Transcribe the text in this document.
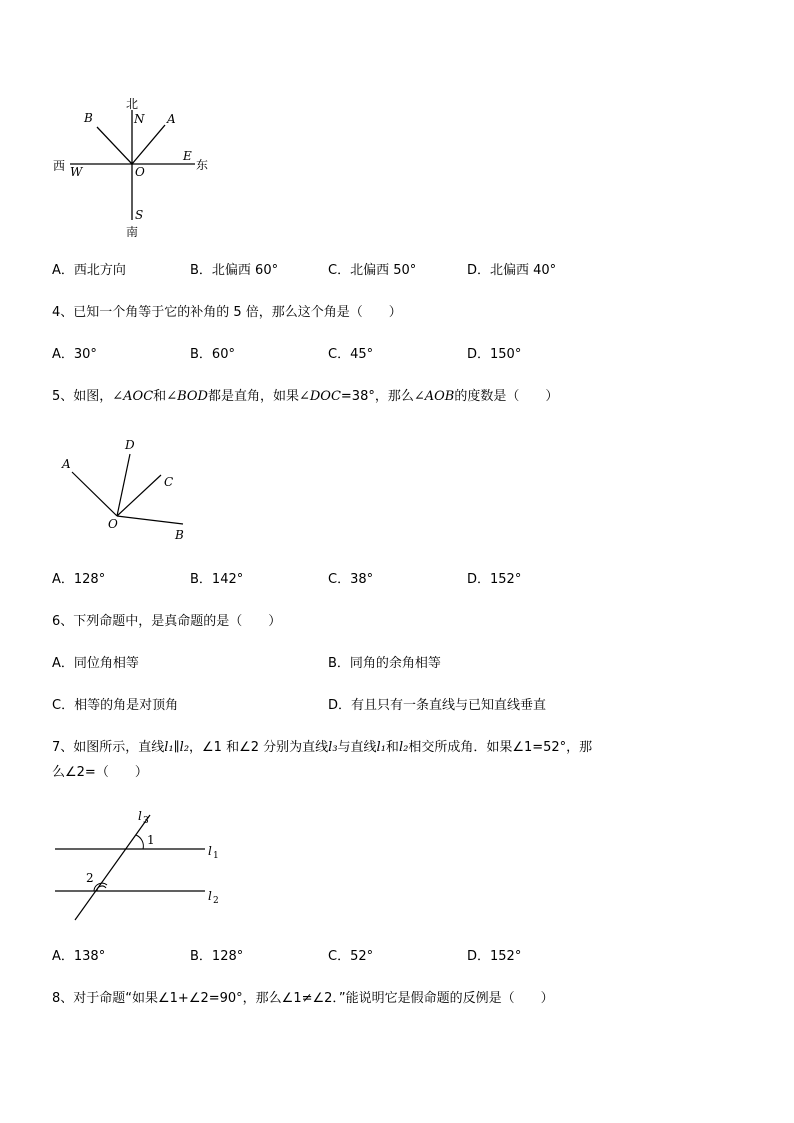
北
N A
B
西 W	O
E
东
S
南
A．西北方向	B．北偏西 60°	C．北偏西 50°	D．北偏西 40°
4、已知一个角等于它的补角的 5 倍，那么这个角是（　　）
A．30°	B．60°	C．45°	D．150°
5、如图，∠AOC和∠BOD都是直角，如果∠DOC=38°，那么∠AOB的度数是（　　）
A
D
C
O
B
A．128°	B．142°	C．38°	D．152°
6、下列命题中，是真命题的是（　　）
A．同位角相等	B．同角的余角相等
C．相等的角是对顶角	D．有且只有一条直线与已知直线垂直
7、如图所示，直线l₁∥l₂，∠1 和∠2 分别为直线l₃与直线l₁和l₂相交所成角．如果∠1=52°，那
么∠2=（　　）
l 3
1
l 1
2
l 2
A．138°	B．128°	C．52°	D．152°
8、对于命题“如果∠1+∠2=90°，那么∠1≠∠2．”能说明它是假命题的反例是（　　）
